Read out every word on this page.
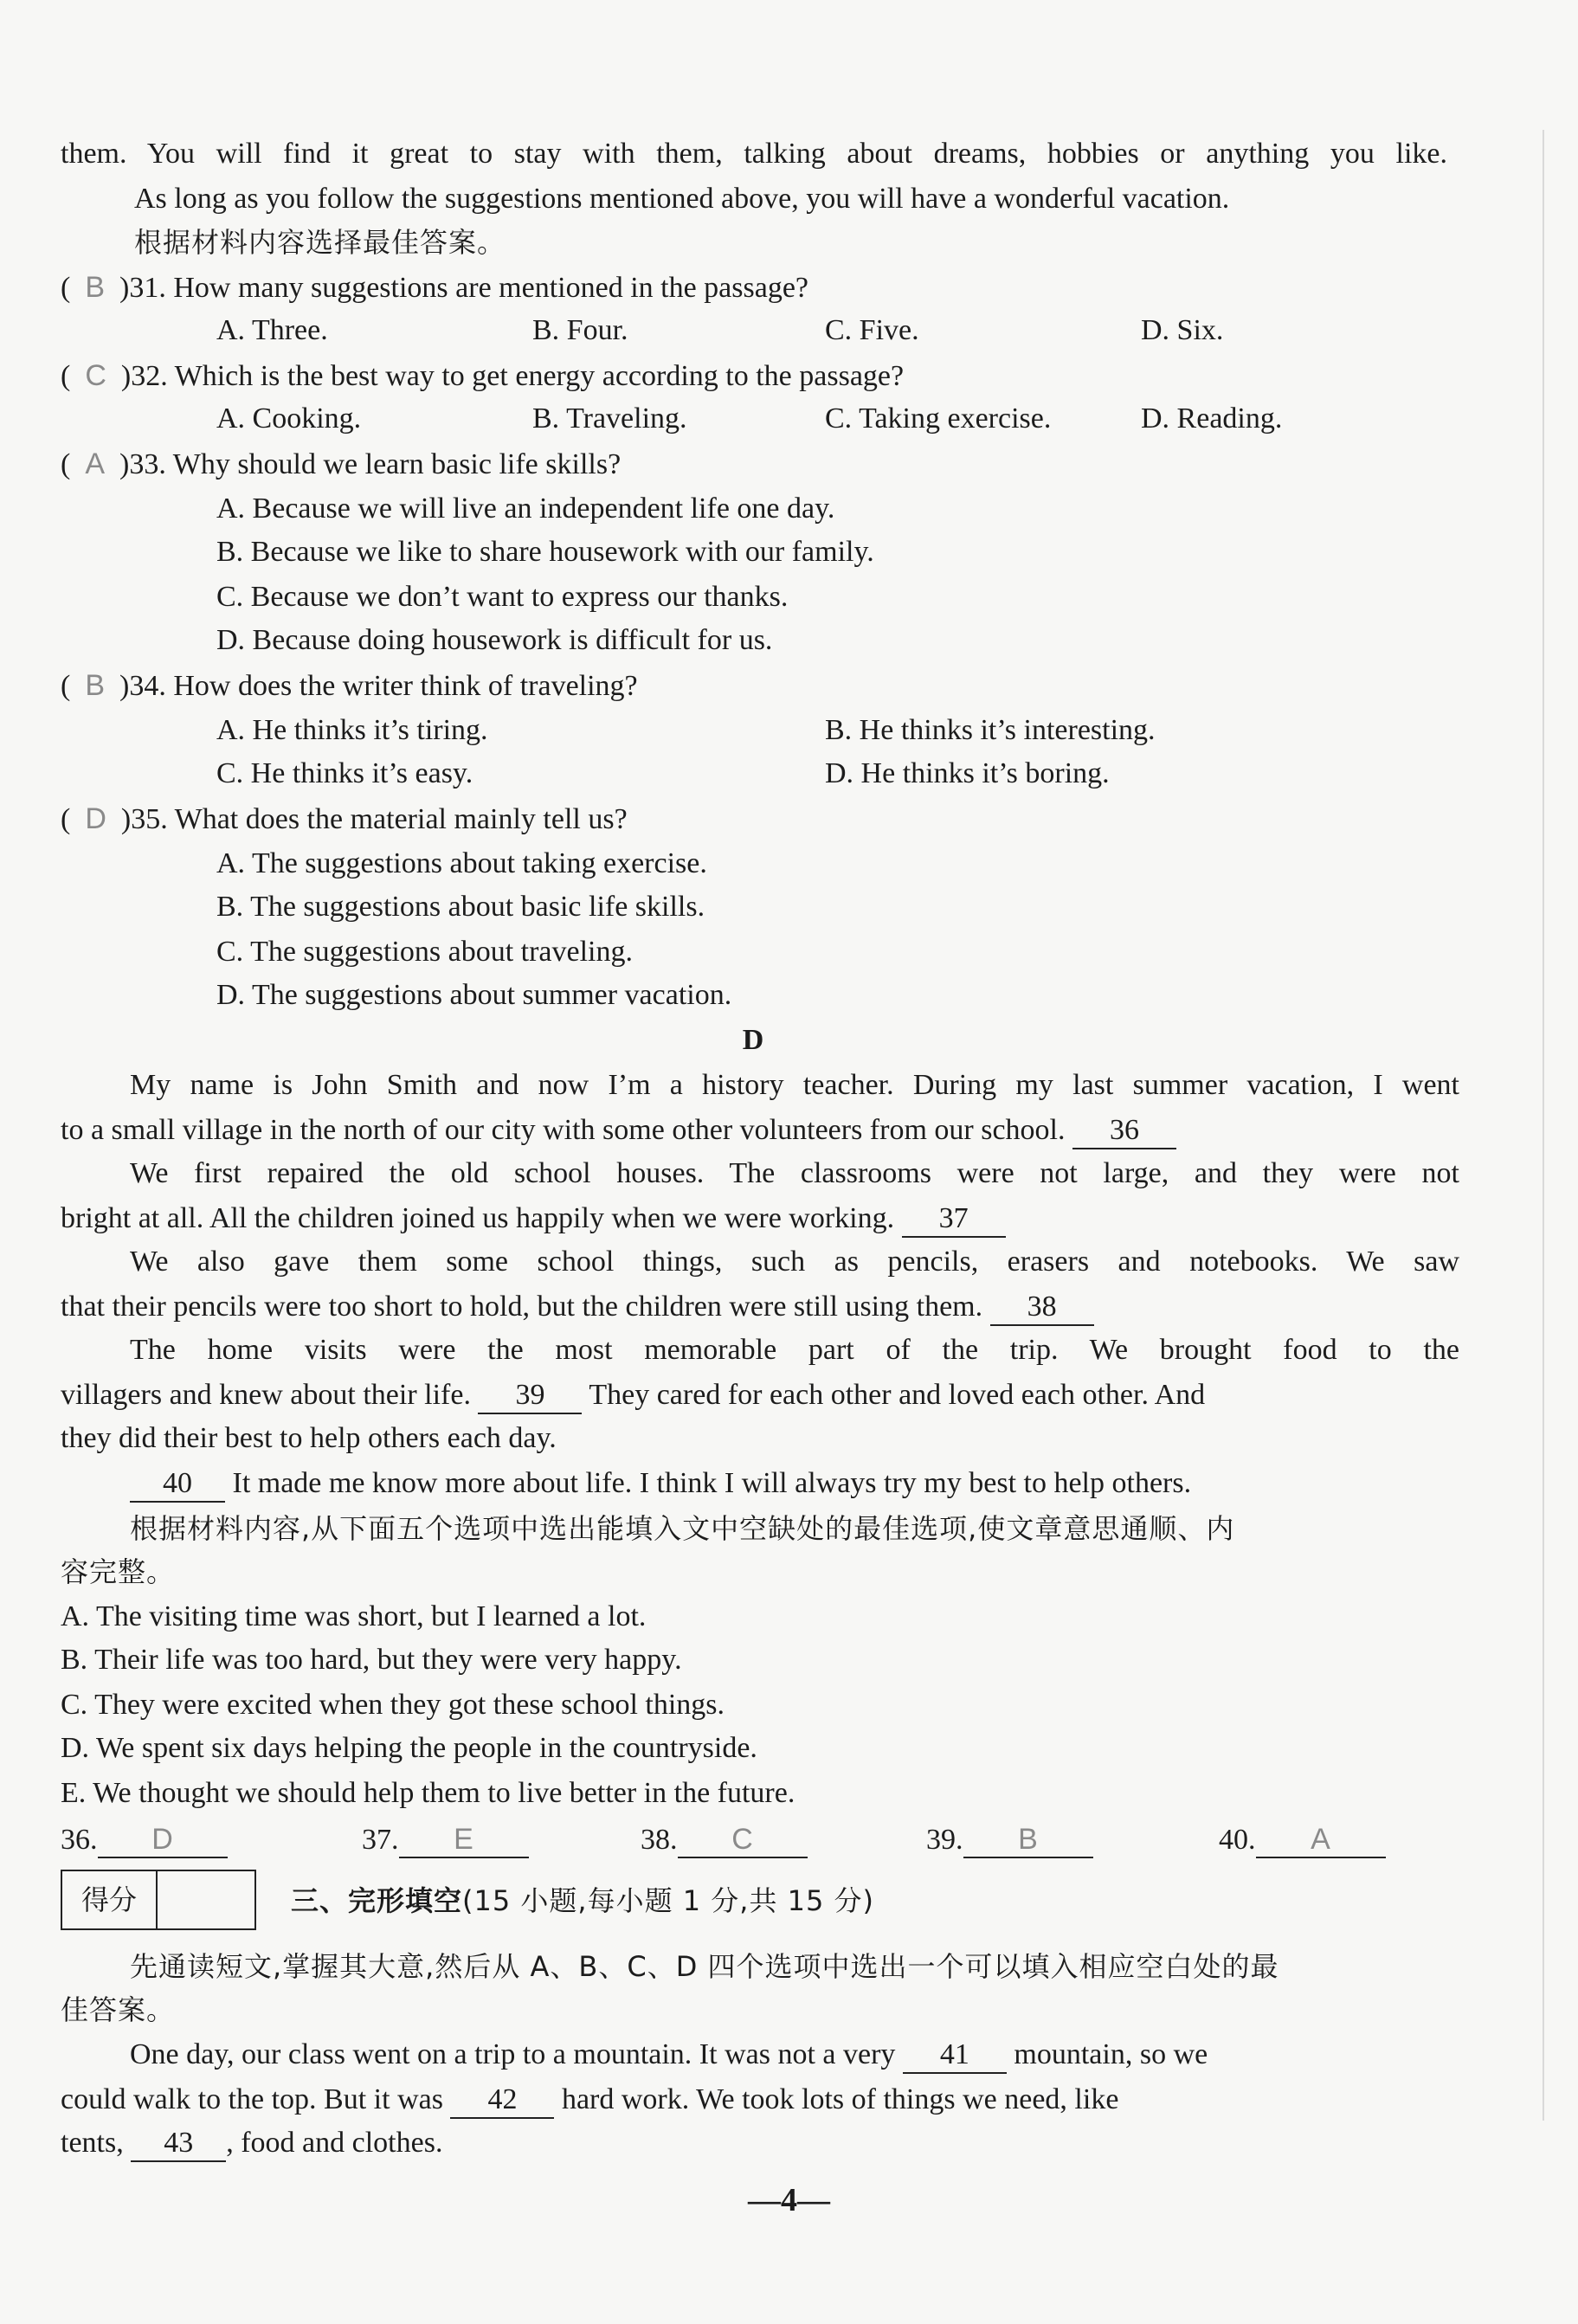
them. You will find it great to stay with them, talking about dreams, hobbies or anything you like.
As long as you follow the suggestions mentioned above, you will have a wonderful vacation.
根据材料内容选择最佳答案。
(  B  )31. How many suggestions are mentioned in the passage?
A. Three.	B. Four.	C. Five.	D. Six.
(  C  )32. Which is the best way to get energy according to the passage?
A. Cooking.	B. Traveling.	C. Taking exercise.	D. Reading.
(  A  )33. Why should we learn basic life skills?
A. Because we will live an independent life one day.
B. Because we like to share housework with our family.
C. Because we don’t want to express our thanks.
D. Because doing housework is difficult for us.
(  B  )34. How does the writer think of traveling?
A. He thinks it’s tiring.	B. He thinks it’s interesting.
C. He thinks it’s easy.	D. He thinks it’s boring.
(  D  )35. What does the material mainly tell us?
A. The suggestions about taking exercise.
B. The suggestions about basic life skills.
C. The suggestions about traveling.
D. The suggestions about summer vacation.
D
My name is John Smith and now I’m a history teacher. During my last summer vacation, I went
to a small village in the north of our city with some other volunteers from our school. 36
We first repaired the old school houses. The classrooms were not large, and they were not
bright at all. All the children joined us happily when we were working. 37
We also gave them some school things, such as pencils, erasers and notebooks. We saw
that their pencils were too short to hold, but the children were still using them. 38
The home visits were the most memorable part of the trip. We brought food to the
villagers and knew about their life. 39 They cared for each other and loved each other. And
they did their best to help others each day.
40 It made me know more about life. I think I will always try my best to help others.
根据材料内容,从下面五个选项中选出能填入文中空缺处的最佳选项,使文章意思通顺、内
容完整。
A. The visiting time was short, but I learned a lot.
B. Their life was too hard, but they were very happy.
C. They were excited when they got these school things.
D. We spent six days helping the people in the countryside.
E. We thought we should help them to live better in the future.
36. D	37. E	38. C	39. B	40. A
得分	三、完形填空(15 小题,每小题 1 分,共 15 分)
先通读短文,掌握其大意,然后从 A、B、C、D 四个选项中选出一个可以填入相应空白处的最
佳答案。
One day, our class went on a trip to a mountain. It was not a very 41 mountain, so we
could walk to the top. But it was 42 hard work. We took lots of things we need, like
tents, 43 , food and clothes.
—4—
